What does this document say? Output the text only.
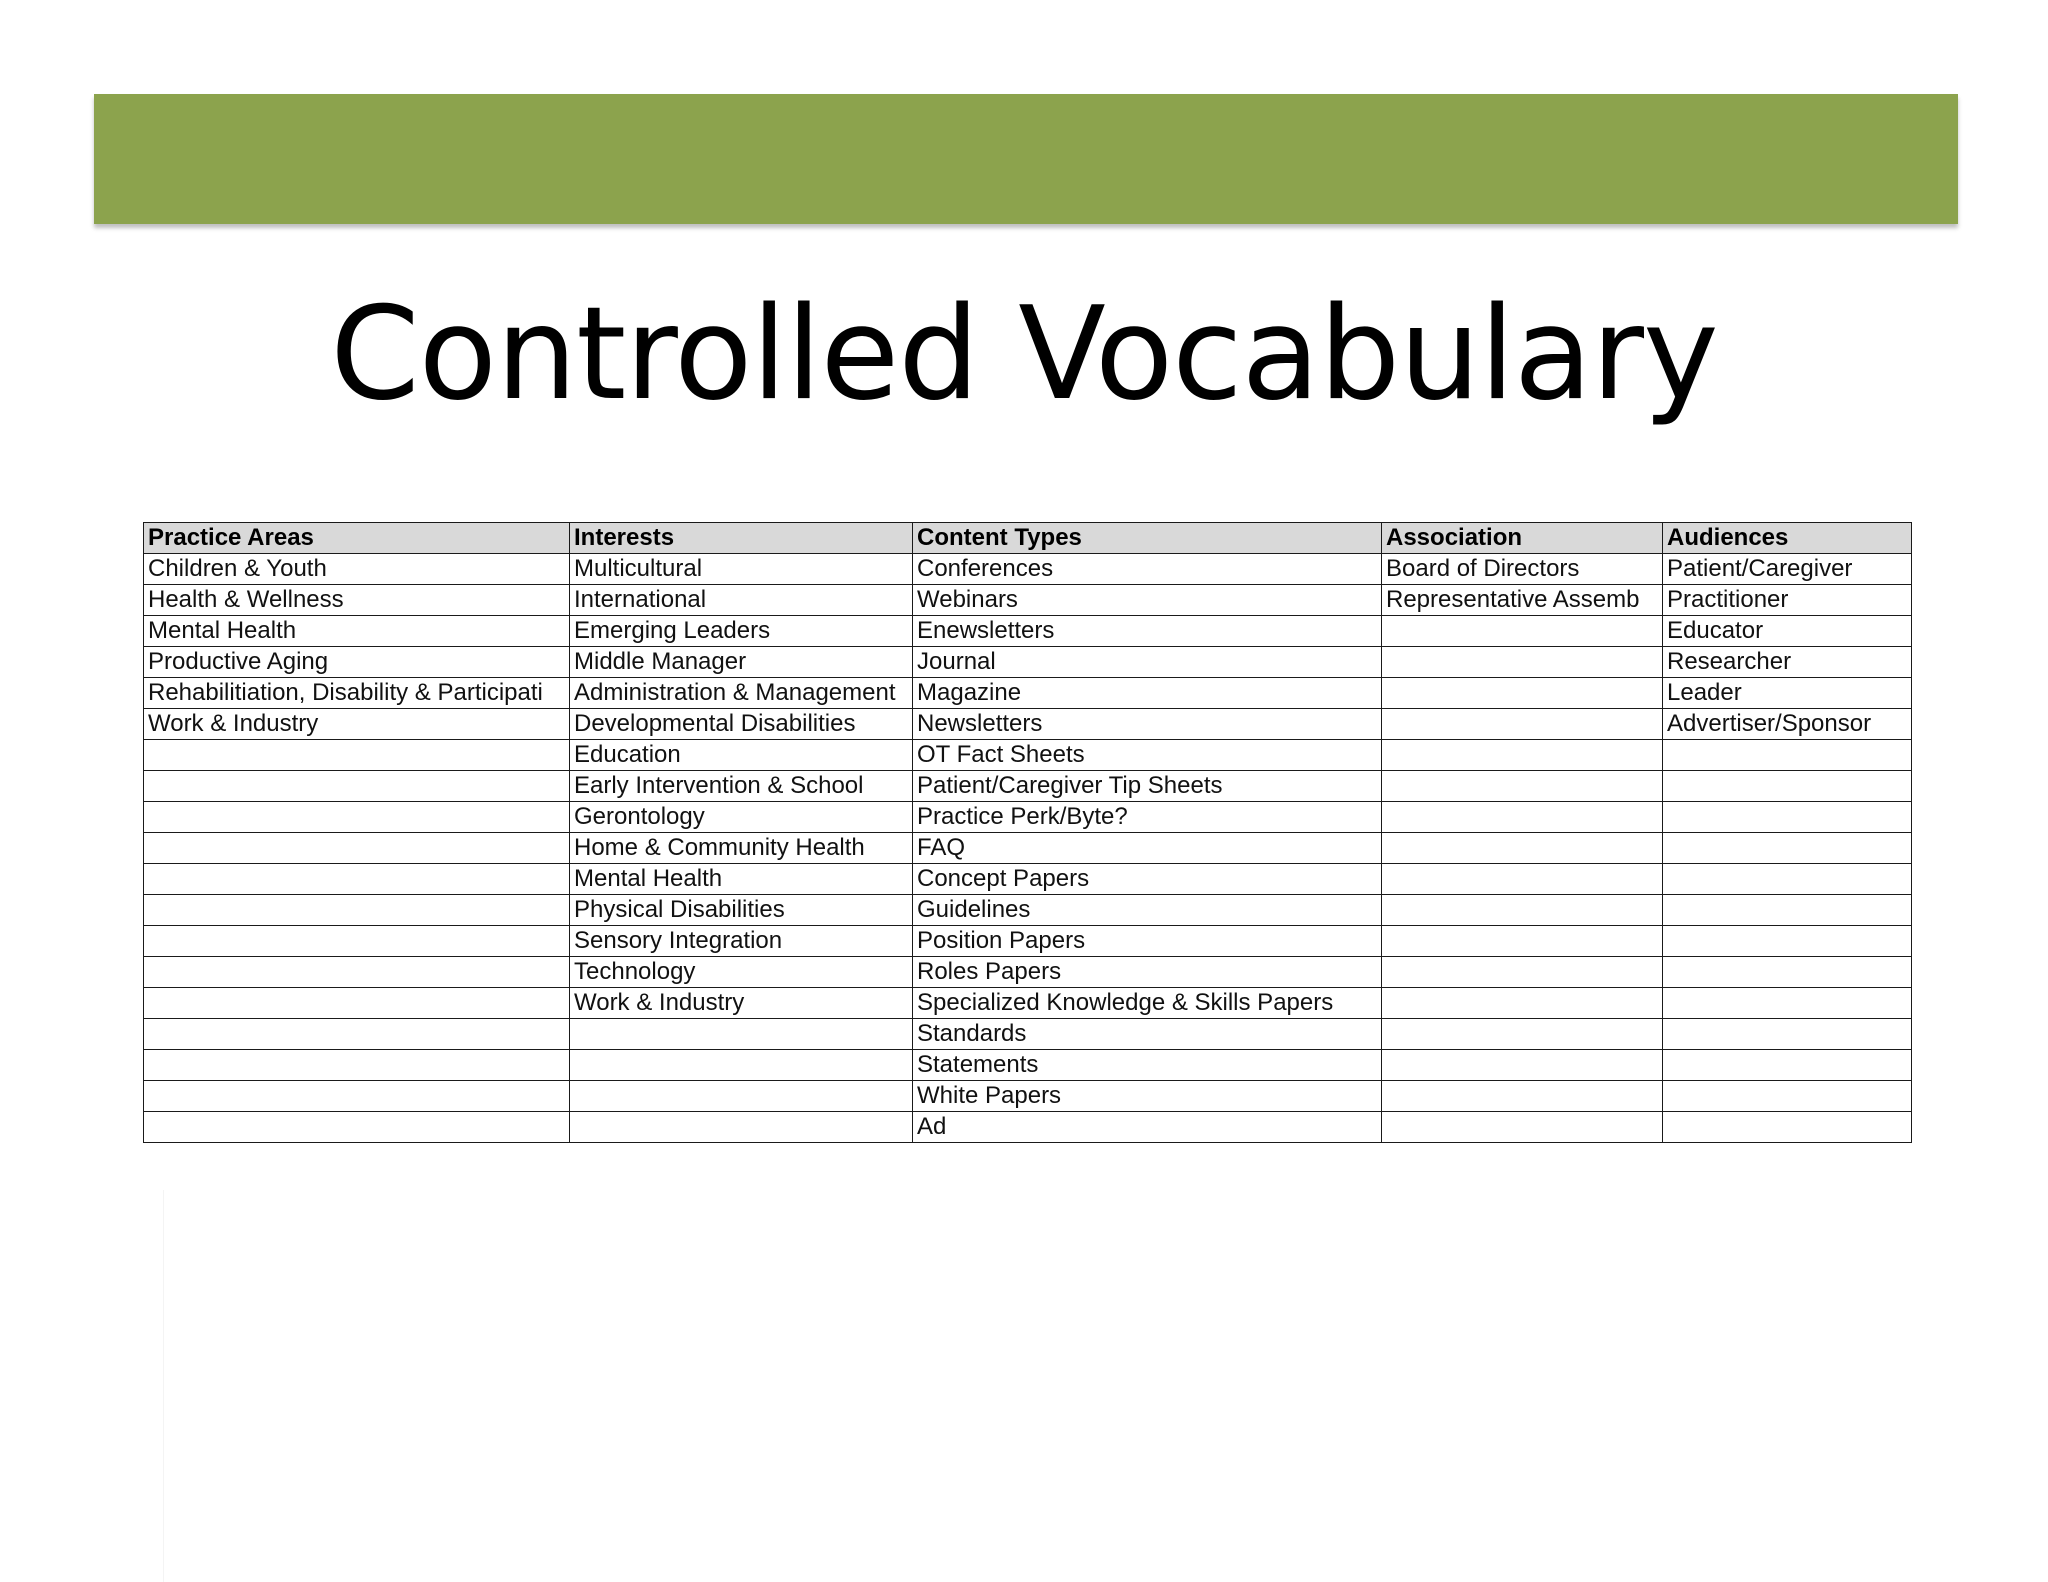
Controlled Vocabulary
Practice Areas	Interests	Content Types	Association	Audiences
Children & Youth	Multicultural	Conferences	Board of Directors	Patient/Caregiver
Health & Wellness	International	Webinars	Representative Assemb	Practitioner
Mental Health	Emerging Leaders	Enewsletters		Educator
Productive Aging	Middle Manager	Journal		Researcher
Rehabilitiation, Disability & Participati	Administration & Management	Magazine		Leader
Work & Industry	Developmental Disabilities	Newsletters		Advertiser/Sponsor
	Education	OT Fact Sheets		
	Early Intervention & School	Patient/Caregiver Tip Sheets		
	Gerontology	Practice Perk/Byte?		
	Home & Community Health	FAQ		
	Mental Health	Concept Papers		
	Physical Disabilities	Guidelines		
	Sensory Integration	Position Papers		
	Technology	Roles Papers		
	Work & Industry	Specialized Knowledge & Skills Papers		
		Standards		
		Statements		
		White Papers		
		Ad		
